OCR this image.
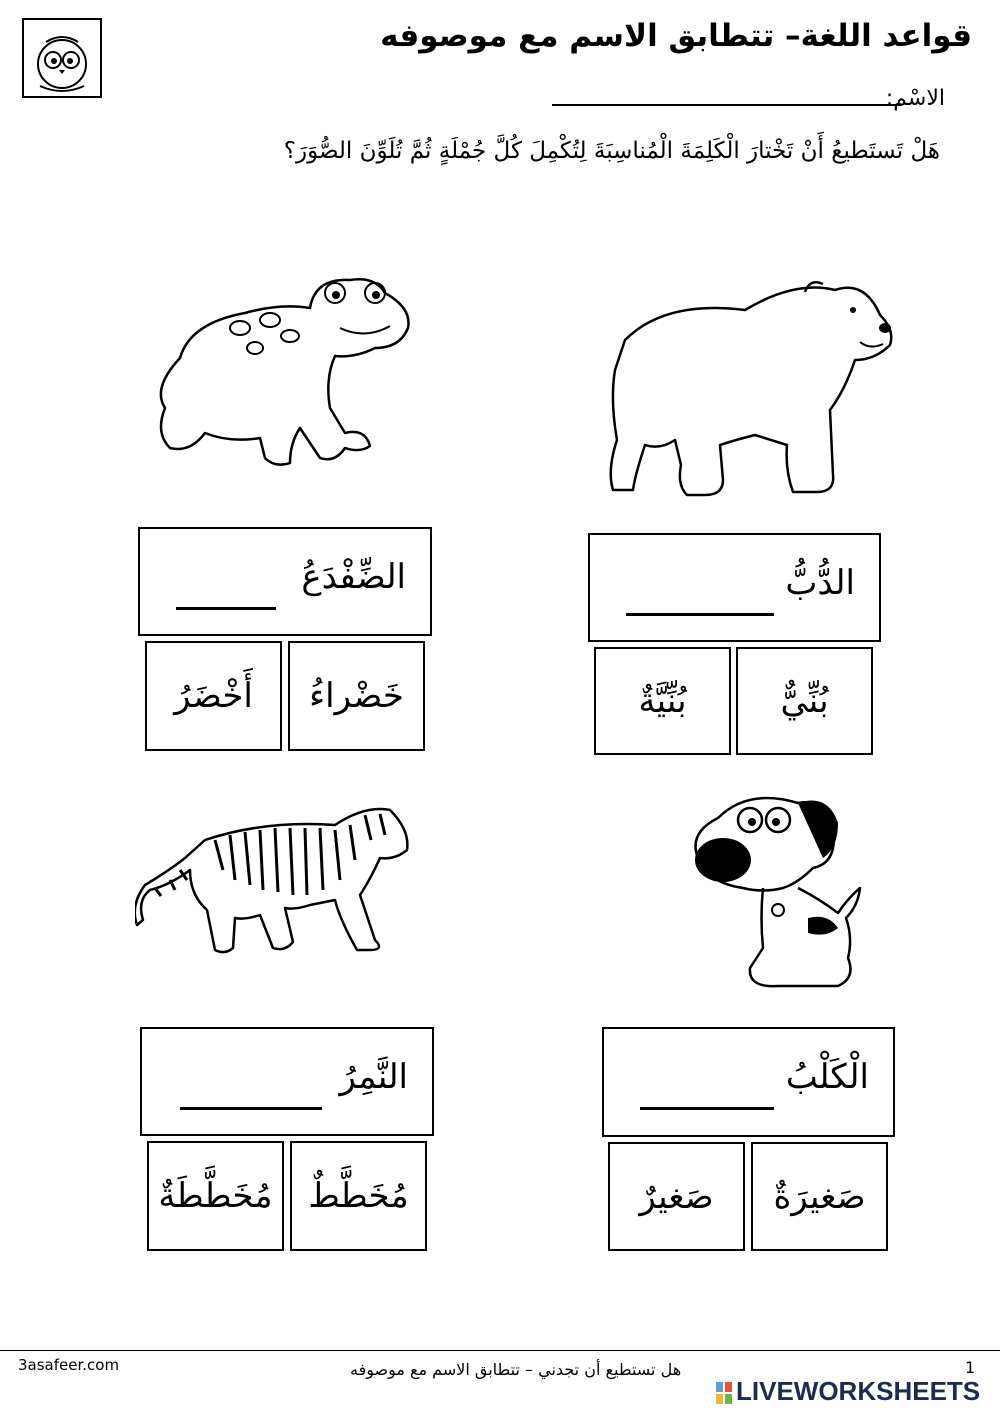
قواعد اللغة– تتطابق الاسم مع موصوفه
الاسْم:
هَلْ تَستَطيعُ أَنْ تَخْتارَ الْكَلِمَةَ الْمُناسِبَةَ لِتُكْمِلَ كُلَّ جُمْلَةٍ ثُمَّ تُلَوِّنَ الصُّوَرَ؟
الدُّبُّ
بُنِّيٌّ
بُنِّيَّةٌ
الضِّفْدَعُ
خَضْراءُ
أَخْضَرُ
الْكَلْبُ
صَغيرَةٌ
صَغيرٌ
النَّمِرُ
مُخَطَّطٌ
مُخَطَّطَةٌ
3asafeer.com	هل تستطيع أن تجدني – تتطابق الاسم مع موصوفه	1
LIVEWORKSHEETS
